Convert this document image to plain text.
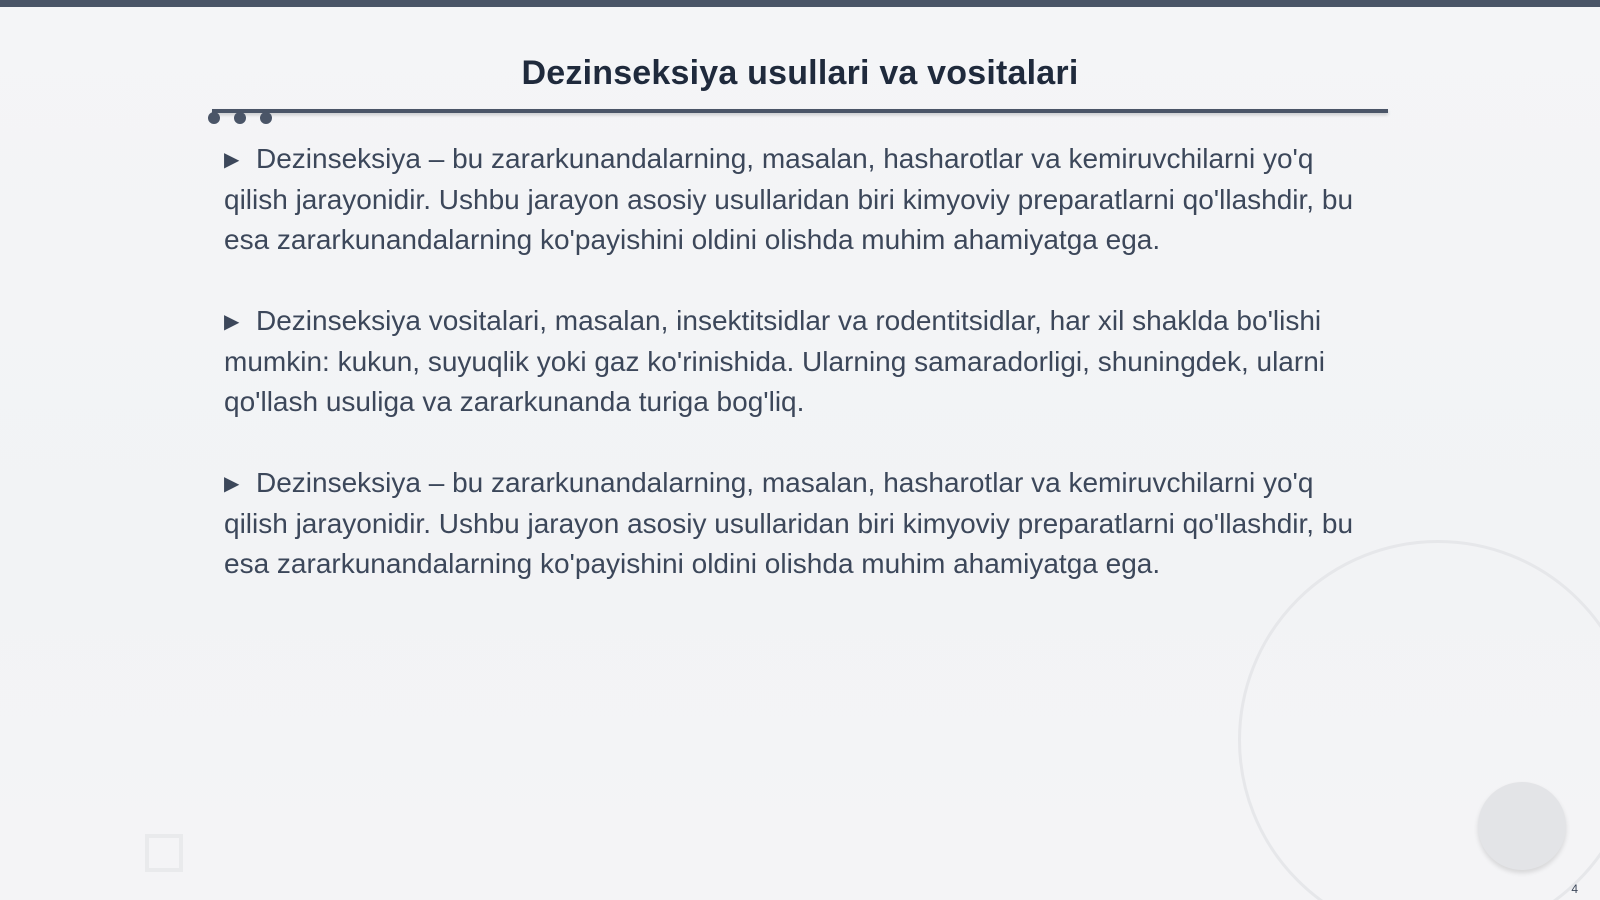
Dezinseksiya usullari va vositalari

▶ Dezinseksiya – bu zararkunandalarning, masalan, hasharotlar va kemiruvchilarni yo'q qilish jarayonidir. Ushbu jarayon asosiy usullaridan biri kimyoviy preparatlarni qo'llashdir, bu esa zararkunandalarning ko'payishini oldini olishda muhim ahamiyatga ega.

▶ Dezinseksiya vositalari, masalan, insektitsidlar va rodentitsidlar, har xil shaklda bo'lishi mumkin: kukun, suyuqlik yoki gaz ko'rinishida. Ularning samaradorligi, shuningdek, ularni qo'llash usuliga va zararkunanda turiga bog'liq.

▶ Dezinseksiya – bu zararkunandalarning, masalan, hasharotlar va kemiruvchilarni yo'q qilish jarayonidir. Ushbu jarayon asosiy usullaridan biri kimyoviy preparatlarni qo'llashdir, bu esa zararkunandalarning ko'payishini oldini olishda muhim ahamiyatga ega.

4
